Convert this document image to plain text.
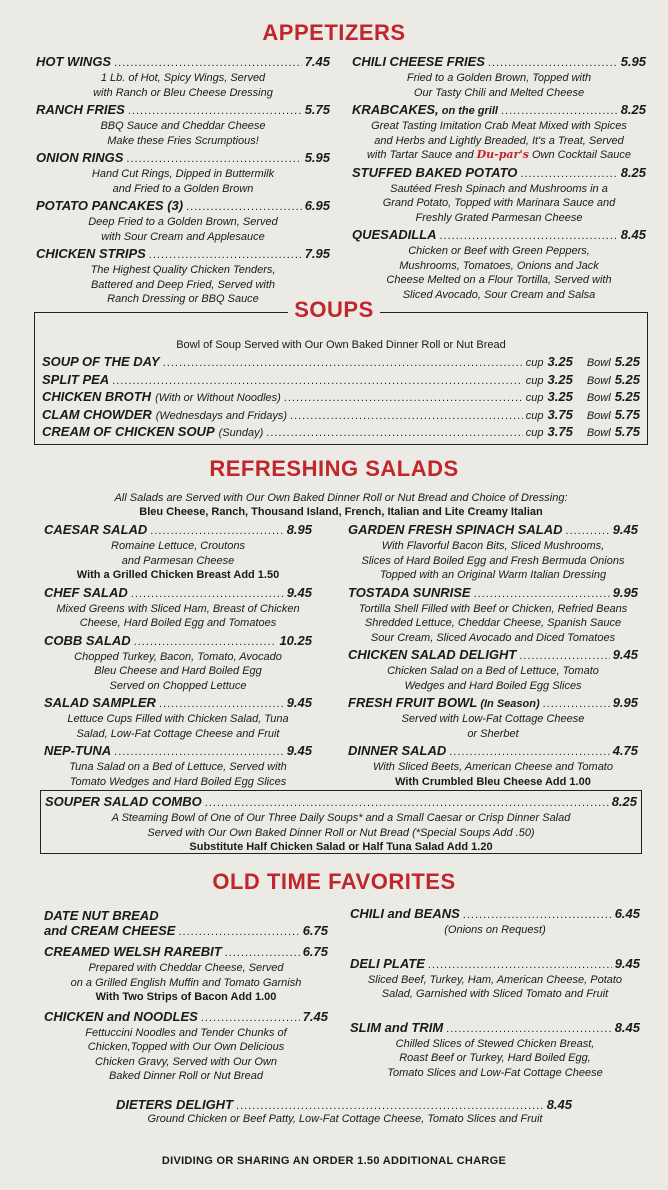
APPETIZERS
HOT WINGS .....	7.45
1 Lb. of Hot, Spicy Wings, Served
with Ranch or Bleu Cheese Dressing
RANCH FRIES .....	5.75
BBQ Sauce and Cheddar Cheese
Make these Fries Scrumptious!
ONION RINGS .....	5.95
Hand Cut Rings, Dipped in Buttermilk
and Fried to a Golden Brown
POTATO PANCAKES (3) .....	6.95
Deep Fried to a Golden Brown, Served
with Sour Cream and Applesauce
CHICKEN STRIPS .....	7.95
The Highest Quality Chicken Tenders,
Battered and Deep Fried, Served with
Ranch Dressing or BBQ Sauce
CHILI CHEESE FRIES .....	5.95
Fried to a Golden Brown, Topped with
Our Tasty Chili and Melted Cheese
KRABCAKES, on the grill .....	8.25
Great Tasting Imitation Crab Meat Mixed with Spices
and Herbs and Lightly Breaded, It's a Treat, Served
with Tartar Sauce and Du-par's Own Cocktail Sauce
STUFFED BAKED POTATO .....	8.25
Sautéed Fresh Spinach and Mushrooms in a
Grand Potato, Topped with Marinara Sauce and
Freshly Grated Parmesan Cheese
QUESADILLA .....	8.45
Chicken or Beef with Green Peppers,
Mushrooms, Tomatoes, Onions and Jack
Cheese Melted on a Flour Tortilla, Served with
Sliced Avocado, Sour Cream and Salsa
SOUPS
Bowl of Soup Served with Our Own Baked Dinner Roll or Nut Bread
SOUP OF THE DAY .....	cup 3.25 Bowl 5.25
SPLIT PEA .....	cup 3.25 Bowl 5.25
CHICKEN BROTH (With or Without Noodles) .....	cup 3.25 Bowl 5.25
CLAM CHOWDER (Wednesdays and Fridays) .....	cup 3.75 Bowl 5.75
CREAM OF CHICKEN SOUP (Sunday) .....	cup 3.75 Bowl 5.75
REFRESHING SALADS
All Salads are Served with Our Own Baked Dinner Roll or Nut Bread and Choice of Dressing:
Bleu Cheese, Ranch, Thousand Island, French, Italian and Lite Creamy Italian
CAESAR SALAD .....	8.95
Romaine Lettuce, Croutons
and Parmesan Cheese
With a Grilled Chicken Breast Add 1.50
CHEF SALAD .....	9.45
Mixed Greens with Sliced Ham, Breast of Chicken
Cheese, Hard Boiled Egg and Tomatoes
COBB SALAD .....	10.25
Chopped Turkey, Bacon, Tomato, Avocado
Bleu Cheese and Hard Boiled Egg
Served on Chopped Lettuce
SALAD SAMPLER .....	9.45
Lettuce Cups Filled with Chicken Salad, Tuna
Salad, Low-Fat Cottage Cheese and Fruit
NEP-TUNA .....	9.45
Tuna Salad on a Bed of Lettuce, Served with
Tomato Wedges and Hard Boiled Egg Slices
GARDEN FRESH SPINACH SALAD .....	9.45
With Flavorful Bacon Bits, Sliced Mushrooms,
Slices of Hard Boiled Egg and Fresh Bermuda Onions
Topped with an Original Warm Italian Dressing
TOSTADA SUNRISE .....	9.95
Tortilla Shell Filled with Beef or Chicken, Refried Beans
Shredded Lettuce, Cheddar Cheese, Spanish Sauce
Sour Cream, Sliced Avocado and Diced Tomatoes
CHICKEN SALAD DELIGHT .....	9.45
Chicken Salad on a Bed of Lettuce, Tomato
Wedges and Hard Boiled Egg Slices
FRESH FRUIT BOWL (In Season) .....	9.95
Served with Low-Fat Cottage Cheese
or Sherbet
DINNER SALAD .....	4.75
With Sliced Beets, American Cheese and Tomato
With Crumbled Bleu Cheese Add 1.00
SOUPER SALAD COMBO .....	8.25
A Steaming Bowl of One of Our Three Daily Soups* and a Small Caesar or Crisp Dinner Salad
Served with Our Own Baked Dinner Roll or Nut Bread (*Special Soups Add .50)
Substitute Half Chicken Salad or Half Tuna Salad Add 1.20
OLD TIME FAVORITES
DATE NUT BREAD
and CREAM CHEESE .....	6.75
CREAMED WELSH RAREBIT .....	6.75
Prepared with Cheddar Cheese, Served
on a Grilled English Muffin and Tomato Garnish
With Two Strips of Bacon Add 1.00
CHICKEN and NOODLES .....	7.45
Fettuccini Noodles and Tender Chunks of
Chicken,Topped with Our Own Delicious
Chicken Gravy, Served with Our Own
Baked Dinner Roll or Nut Bread
CHILI and BEANS .....	6.45
(Onions on Request)
DELI PLATE .....	9.45
Sliced Beef, Turkey, Ham, American Cheese, Potato
Salad, Garnished with Sliced Tomato and Fruit
SLIM and TRIM .....	8.45
Chilled Slices of Stewed Chicken Breast,
Roast Beef or Turkey, Hard Boiled Egg,
Tomato Slices and Low-Fat Cottage Cheese
DIETERS DELIGHT .....	8.45
Ground Chicken or Beef Patty, Low-Fat Cottage Cheese, Tomato Slices and Fruit
DIVIDING OR SHARING AN ORDER 1.50 ADDITIONAL CHARGE
